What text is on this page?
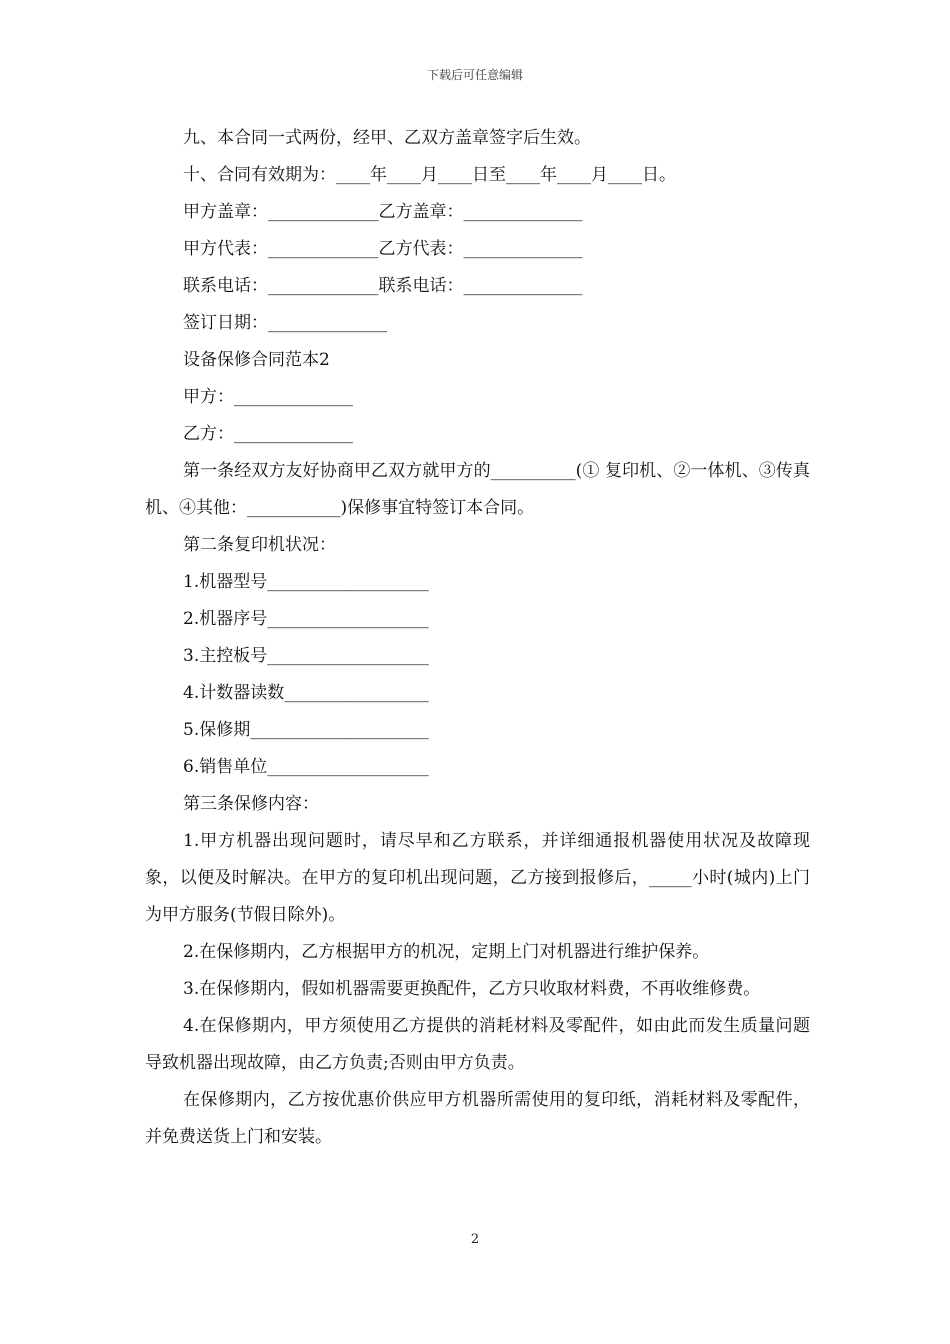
下载后可任意编辑
九、本合同一式两份，经甲、乙双方盖章签字后生效。
十、合同有效期为：____年____月____日至____年____月____日。
甲方盖章：_____________乙方盖章：______________
甲方代表：_____________乙方代表：______________
联系电话：_____________联系电话：______________
签订日期：______________
设备保修合同范本2
甲方：______________
乙方：______________
第一条经双方友好协商甲乙双方就甲方的__________(① 复印机、②一体机、③传真机、④其他：___________)保修事宜特签订本合同。
第二条复印机状况：
1.机器型号___________________
2.机器序号___________________
3.主控板号___________________
4.计数器读数_________________
5.保修期_____________________
6.销售单位___________________
第三条保修内容：
1.甲方机器出现问题时，请尽早和乙方联系，并详细通报机器使用状况及故障现象，以便及时解决。在甲方的复印机出现问题，乙方接到报修后，_____小时(城内)上门为甲方服务(节假日除外)。
2.在保修期内，乙方根据甲方的机况，定期上门对机器进行维护保养。
3.在保修期内，假如机器需要更换配件，乙方只收取材料费，不再收维修费。
4.在保修期内，甲方须使用乙方提供的消耗材料及零配件，如由此而发生质量问题导致机器出现故障，由乙方负责;否则由甲方负责。
在保修期内，乙方按优惠价供应甲方机器所需使用的复印纸，消耗材料及零配件，并免费送货上门和安装。
2
